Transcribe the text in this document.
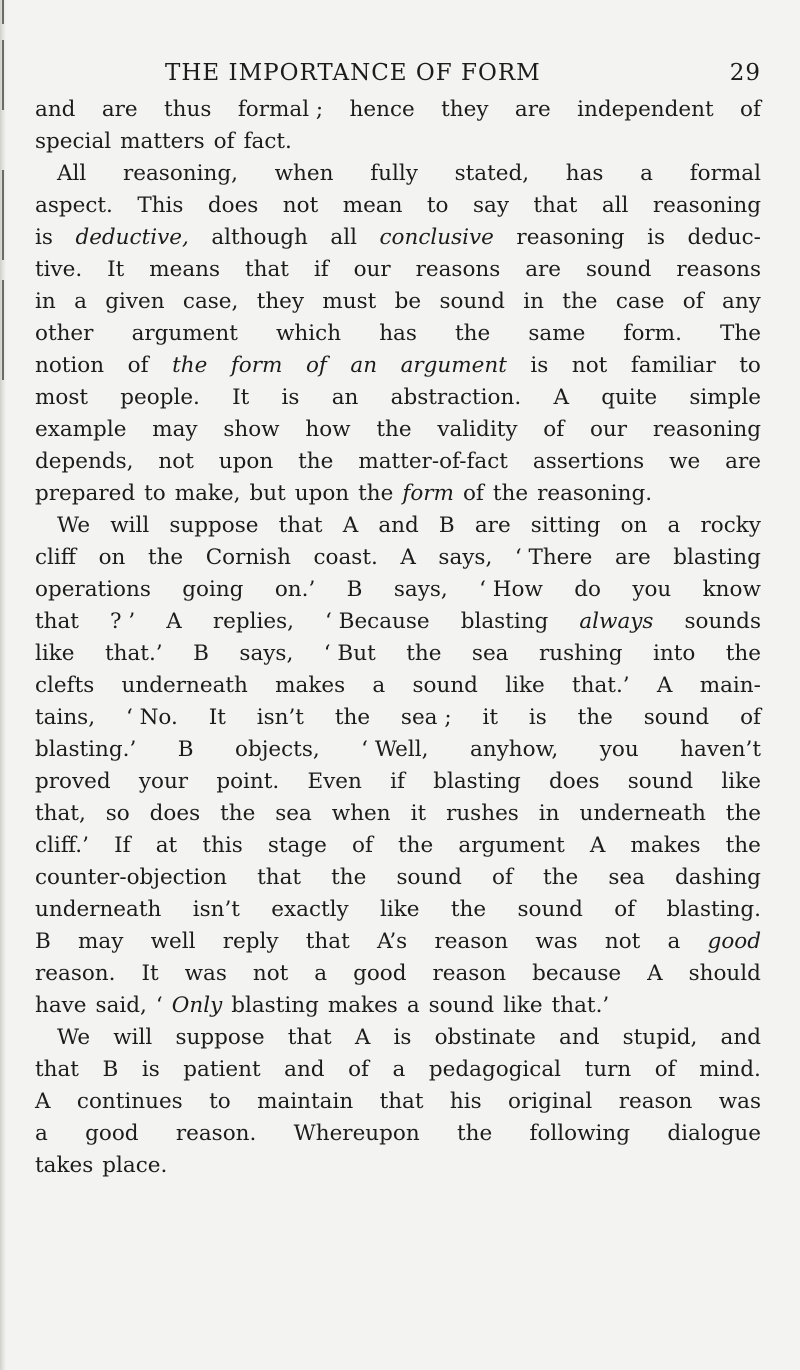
THE IMPORTANCE OF FORM	29
and are thus formal ; hence they are independent of
special matters of fact.
All reasoning, when fully stated, has a formal
aspect. This does not mean to say that all reasoning
is deductive, although all conclusive reasoning is deduc-
tive. It means that if our reasons are sound reasons
in a given case, they must be sound in the case of any
other argument which has the same form. The
notion of the form of an argument is not familiar to
most people. It is an abstraction. A quite simple
example may show how the validity of our reasoning
depends, not upon the matter-of-fact assertions we are
prepared to make, but upon the form of the reasoning.
We will suppose that A and B are sitting on a rocky
cliff on the Cornish coast. A says, ‘ There are blasting
operations going on.’ B says, ‘ How do you know
that ? ’ A replies, ‘ Because blasting always sounds
like that.’ B says, ‘ But the sea rushing into the
clefts underneath makes a sound like that.’ A main-
tains, ‘ No. It isn’t the sea ; it is the sound of
blasting.’ B objects, ‘ Well, anyhow, you haven’t
proved your point. Even if blasting does sound like
that, so does the sea when it rushes in underneath the
cliff.’ If at this stage of the argument A makes the
counter-objection that the sound of the sea dashing
underneath isn’t exactly like the sound of blasting.
B may well reply that A’s reason was not a good
reason. It was not a good reason because A should
have said, ‘ Only blasting makes a sound like that.’
We will suppose that A is obstinate and stupid, and
that B is patient and of a pedagogical turn of mind.
A continues to maintain that his original reason was
a good reason. Whereupon the following dialogue
takes place.
